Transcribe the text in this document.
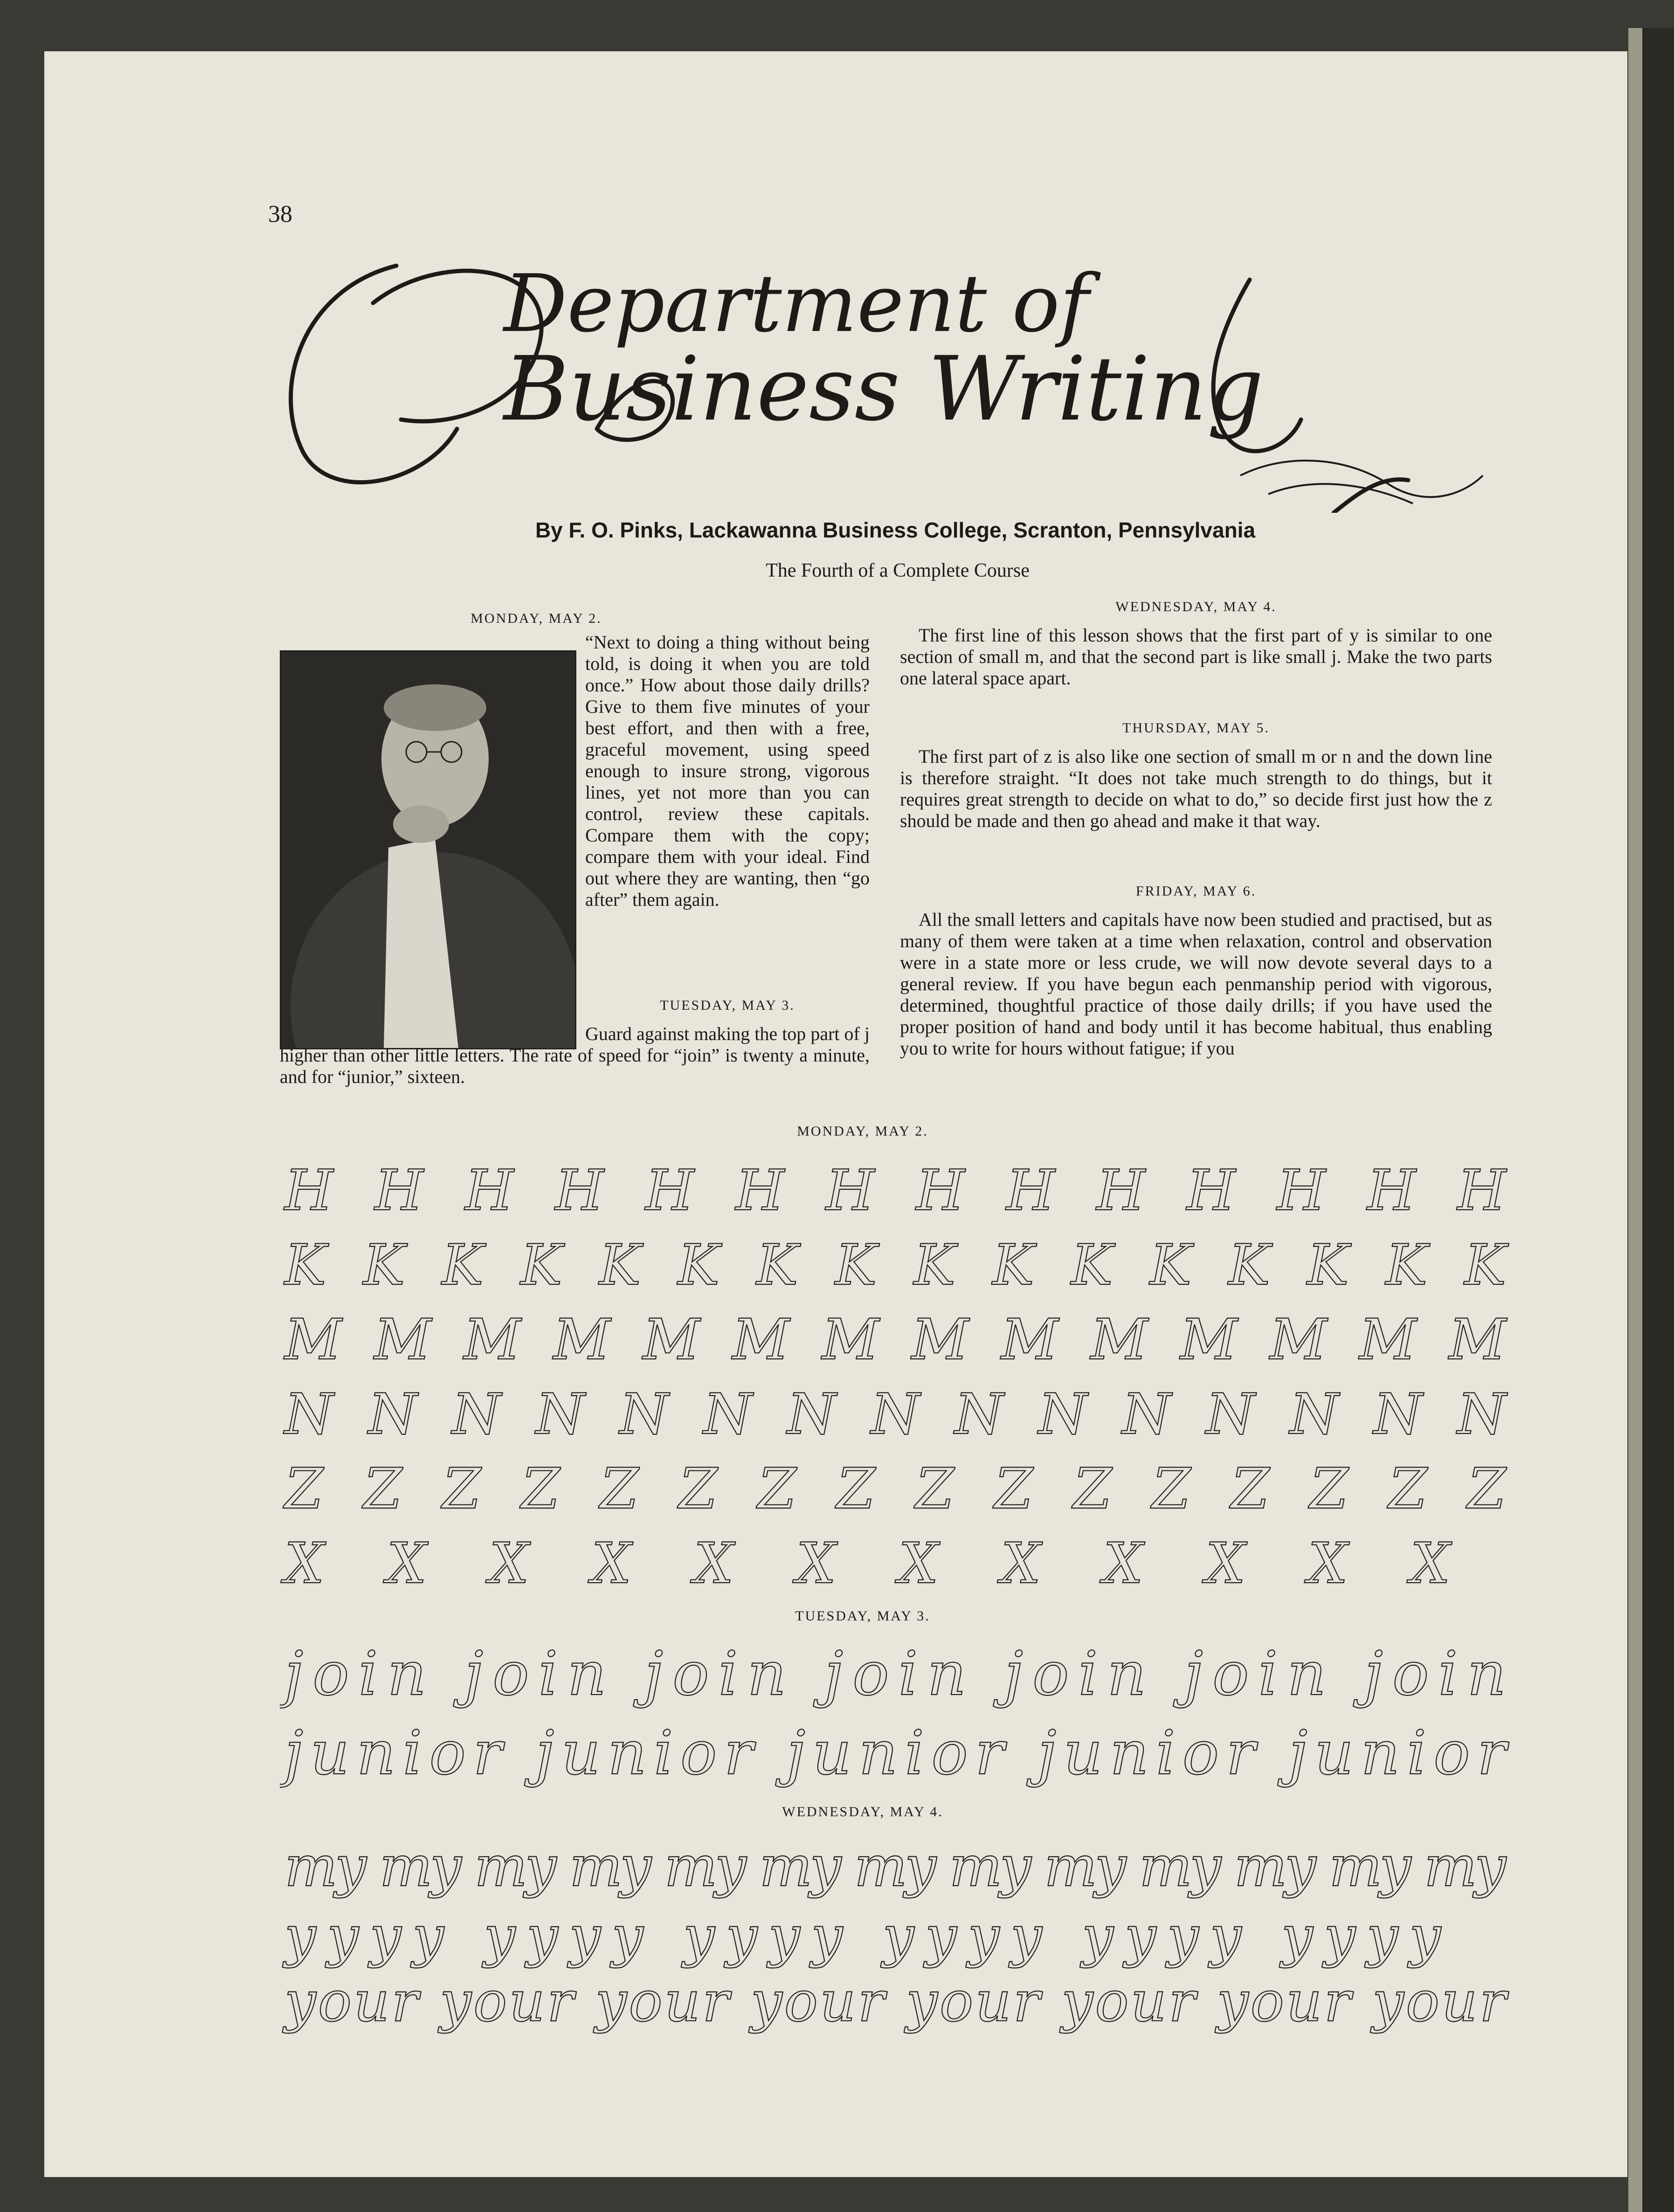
38
Department of
Business Writing
By F. O. Pinks, Lackawanna Business College, Scranton, Pennsylvania
The Fourth of a Complete Course
MONDAY, MAY 2.

“Next to doing a thing without being told, is doing it when you are told once.” How about those daily drills? Give to them five minutes of your best effort, and then with a free, graceful movement, using speed enough to insure strong, vigorous lines, yet not more than you can control, review these capitals. Compare them with the copy; compare them with your ideal. Find out where they are wanting, then “go after” them again.

TUESDAY, MAY 3.

Guard against making the top part of j higher than other little letters. The rate of speed for “join” is twenty a minute, and for “junior,” sixteen.

WEDNESDAY, MAY 4.

The first line of this lesson shows that the first part of y is similar to one section of small m, and that the second part is like small j. Make the two parts one lateral space apart.

THURSDAY, MAY 5.

The first part of z is also like one section of small m or n and the down line is therefore straight. “It does not take much strength to do things, but it requires great strength to decide on what to do,” so decide first just how the z should be made and then go ahead and make it that way.

FRIDAY, MAY 6.

All the small letters and capitals have now been studied and practised, but as many of them were taken at a time when relaxation, control and observation were in a state more or less crude, we will now devote several days to a general review. If you have begun each penmanship period with vigorous, determined, thoughtful practice of those daily drills; if you have used the proper position of hand and body until it has become habitual, thus enabling you to write for hours without fatigue; if you

MONDAY, MAY 2.
H H H H H H H H H H H H H H
K K K K K K K K K K K K K K K K
M M M M M M M M M M M M M M
N N N N N N N N N N N N N N N
Z Z Z Z Z Z Z Z Z Z Z Z Z Z Z Z
X X X X X X X X X X X X
TUESDAY, MAY 3.
join join join join join join join
junior junior junior junior junior
WEDNESDAY, MAY 4.
my my my my my my my my my my my my my
yyyy yyyy yyyy yyyy yyyy yyyy
your your your your your your your your
